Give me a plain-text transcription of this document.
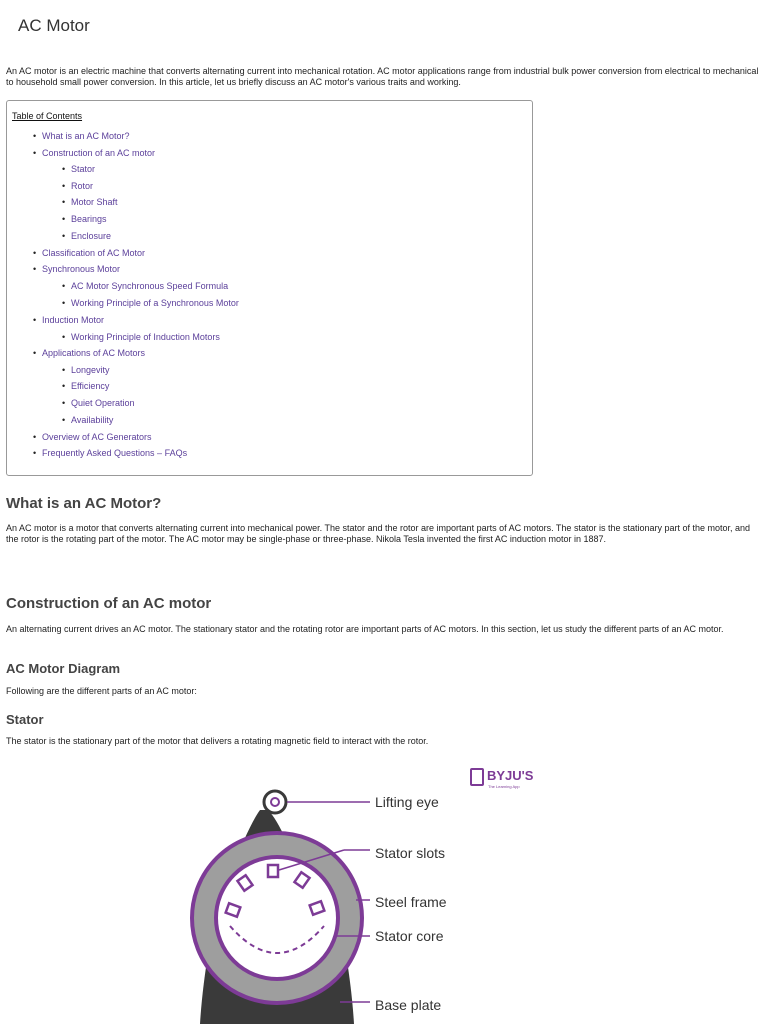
AC Motor

An AC motor is an electric machine that converts alternating current into mechanical rotation. AC motor applications range from industrial bulk power conversion from electrical to mechanical to household small power conversion. In this article, let us briefly discuss an AC motor's various traits and working.

Table of Contents
• What is an AC Motor?
• Construction of an AC motor
• Stator
• Rotor
• Motor Shaft
• Bearings
• Enclosure
• Classification of AC Motor
• Synchronous Motor
• AC Motor Synchronous Speed Formula
• Working Principle of a Synchronous Motor
• Induction Motor
• Working Principle of Induction Motors
• Applications of AC Motors
• Longevity
• Efficiency
• Quiet Operation
• Availability
• Overview of AC Generators
• Frequently Asked Questions – FAQs
What is an AC Motor?

An AC motor is a motor that converts alternating current into mechanical power. The stator and the rotor are important parts of AC motors. The stator is the stationary part of the motor, and the rotor is the rotating part of the motor. The AC motor may be single-phase or three-phase. Nikola Tesla invented the first AC induction motor in 1887.

Construction of an AC motor

An alternating current drives an AC motor. The stationary stator and the rotating rotor are important parts of AC motors. In this section, let us study the different parts of an AC motor.

AC Motor Diagram

Following are the different parts of an AC motor:

Stator

The stator is the stationary part of the motor that delivers a rotating magnetic field to interact with the rotor.

Lifting eye
Stator slots
Steel frame
Stator core
Base plate
BYJU'S
The Learning App
